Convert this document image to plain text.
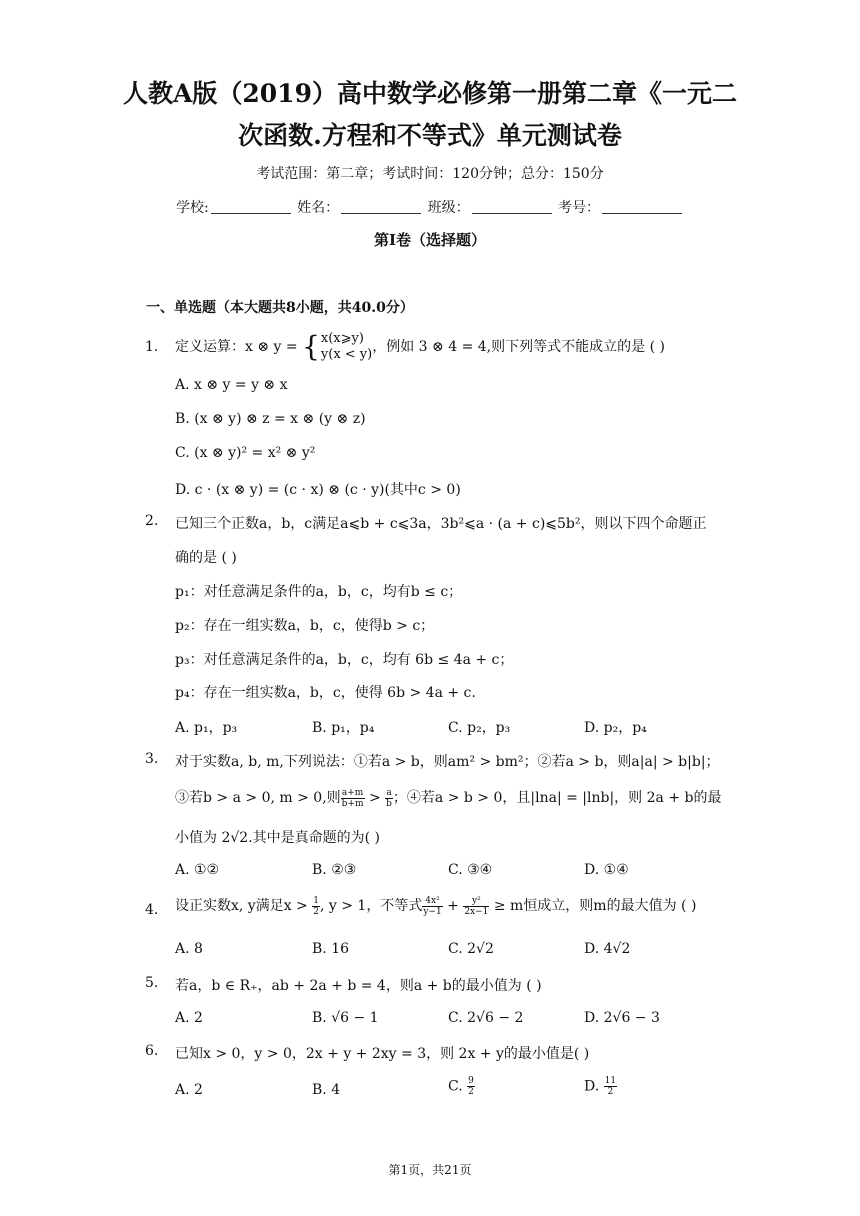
人教A版（2019）高中数学必修第一册第二章《一元二
次函数.方程和不等式》单元测试卷
考试范围：第二章；考试时间：120分钟；总分：150分
学校:	姓名：	班级：	考号：
第I卷（选择题）
一、单选题（本大题共8小题，共40.0分）
1. 定义运算：x ⊗ y = { x(x⩾y)
y(x < y) ，例如 3 ⊗ 4 = 4,则下列等式不能成立的是 ( )
A. x ⊗ y = y ⊗ x
B. (x ⊗ y) ⊗ z = x ⊗ (y ⊗ z)
C. (x ⊗ y)² = x² ⊗ y²
D. c · (x ⊗ y) = (c · x) ⊗ (c · y)(其中c > 0)
2. 已知三个正数a，b，c满足a⩽b + c⩽3a，3b²⩽a · (a + c)⩽5b²，则以下四个命题正
确的是 ( )
p₁：对任意满足条件的a，b，c，均有b ≤ c；
p₂：存在一组实数a，b，c，使得b > c；
p₃：对任意满足条件的a，b，c，均有 6b ≤ 4a + c；
p₄：存在一组实数a，b，c，使得 6b > 4a + c.
A. p₁，p₃	B. p₁，p₄	C. p₂，p₃	D. p₂，p₄
3. 对于实数a, b, m,下列说法：①若a > b，则am² > bm²；②若a > b，则a|a| > b|b|；
③若b > a > 0, m > 0,则 $\frac{a+m}{b+m} > \frac{a}{b}$ ；④若a > b > 0，且|lna| = |lnb|，则 2a + b的最
小值为 2√2.其中是真命题的为( )
A. ①②	B. ②③	C. ③④	D. ①④
4. 设正实数x, y满足$x > \frac{1}{2}$ , y > 1，不等式 $\frac{\text{4x²}}{y-1} + \frac{\text{y²}}{2x-1} \ge m$恒成立，则m的最大值为 ( )
A. 8	B. 16	C. 2√2	D. 4√2
5. 若a，b ∈ R₊，ab + 2a + b = 4，则a + b的最小值为 ( )
A. 2	B. √6 − 1	C. 2√6 − 2	D. 2√6 − 3
6. 已知x > 0，y > 0，2x + y + 2xy = 3，则 2x + y的最小值是( )
A. 2	B. 4	C. $\frac{9}{2}$	D. $\frac{11}{2}$
第1页，共21页
